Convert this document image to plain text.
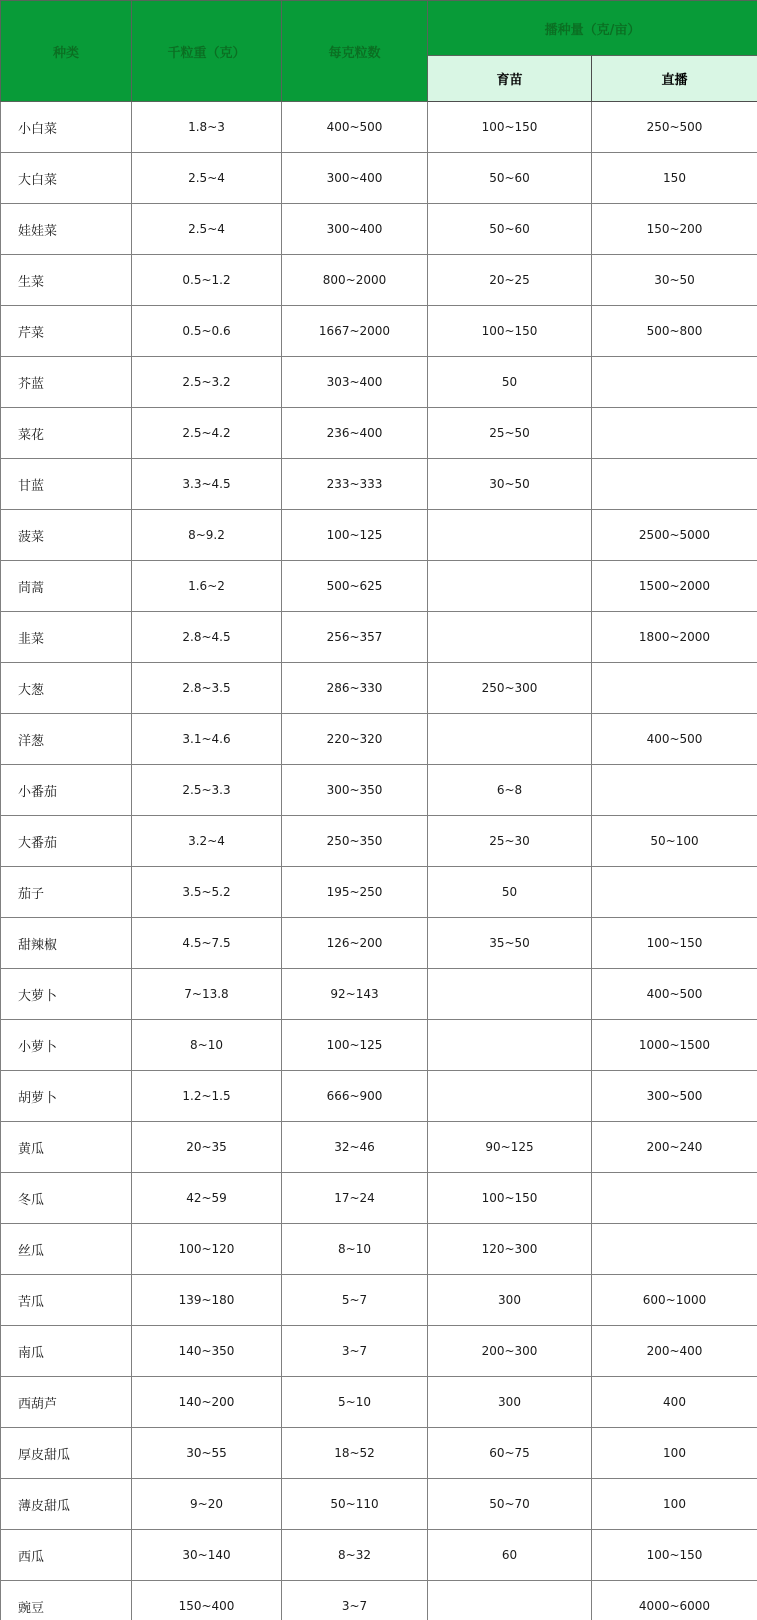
种类	千粒重（克）	每克粒数	播种量（克/亩）	
			育苗	直播
小白菜	1.8~3	400~500	100~150	250~500
大白菜	2.5~4	300~400	50~60	150
娃娃菜	2.5~4	300~400	50~60	150~200
生菜	0.5~1.2	800~2000	20~25	30~50
芹菜	0.5~0.6	1667~2000	100~150	500~800
芥蓝	2.5~3.2	303~400	50	
菜花	2.5~4.2	236~400	25~50	
甘蓝	3.3~4.5	233~333	30~50	
菠菜	8~9.2	100~125		2500~5000
茼蒿	1.6~2	500~625		1500~2000
韭菜	2.8~4.5	256~357		1800~2000
大葱	2.8~3.5	286~330	250~300	
洋葱	3.1~4.6	220~320		400~500
小番茄	2.5~3.3	300~350	6~8	
大番茄	3.2~4	250~350	25~30	50~100
茄子	3.5~5.2	195~250	50	
甜辣椒	4.5~7.5	126~200	35~50	100~150
大萝卜	7~13.8	92~143		400~500
小萝卜	8~10	100~125		1000~1500
胡萝卜	1.2~1.5	666~900		300~500
黄瓜	20~35	32~46	90~125	200~240
冬瓜	42~59	17~24	100~150	
丝瓜	100~120	8~10	120~300	
苦瓜	139~180	5~7	300	600~1000
南瓜	140~350	3~7	200~300	200~400
西葫芦	140~200	5~10	300	400
厚皮甜瓜	30~55	18~52	60~75	100
薄皮甜瓜	9~20	50~110	50~70	100
西瓜	30~140	8~32	60	100~150
豌豆	150~400	3~7		4000~6000
